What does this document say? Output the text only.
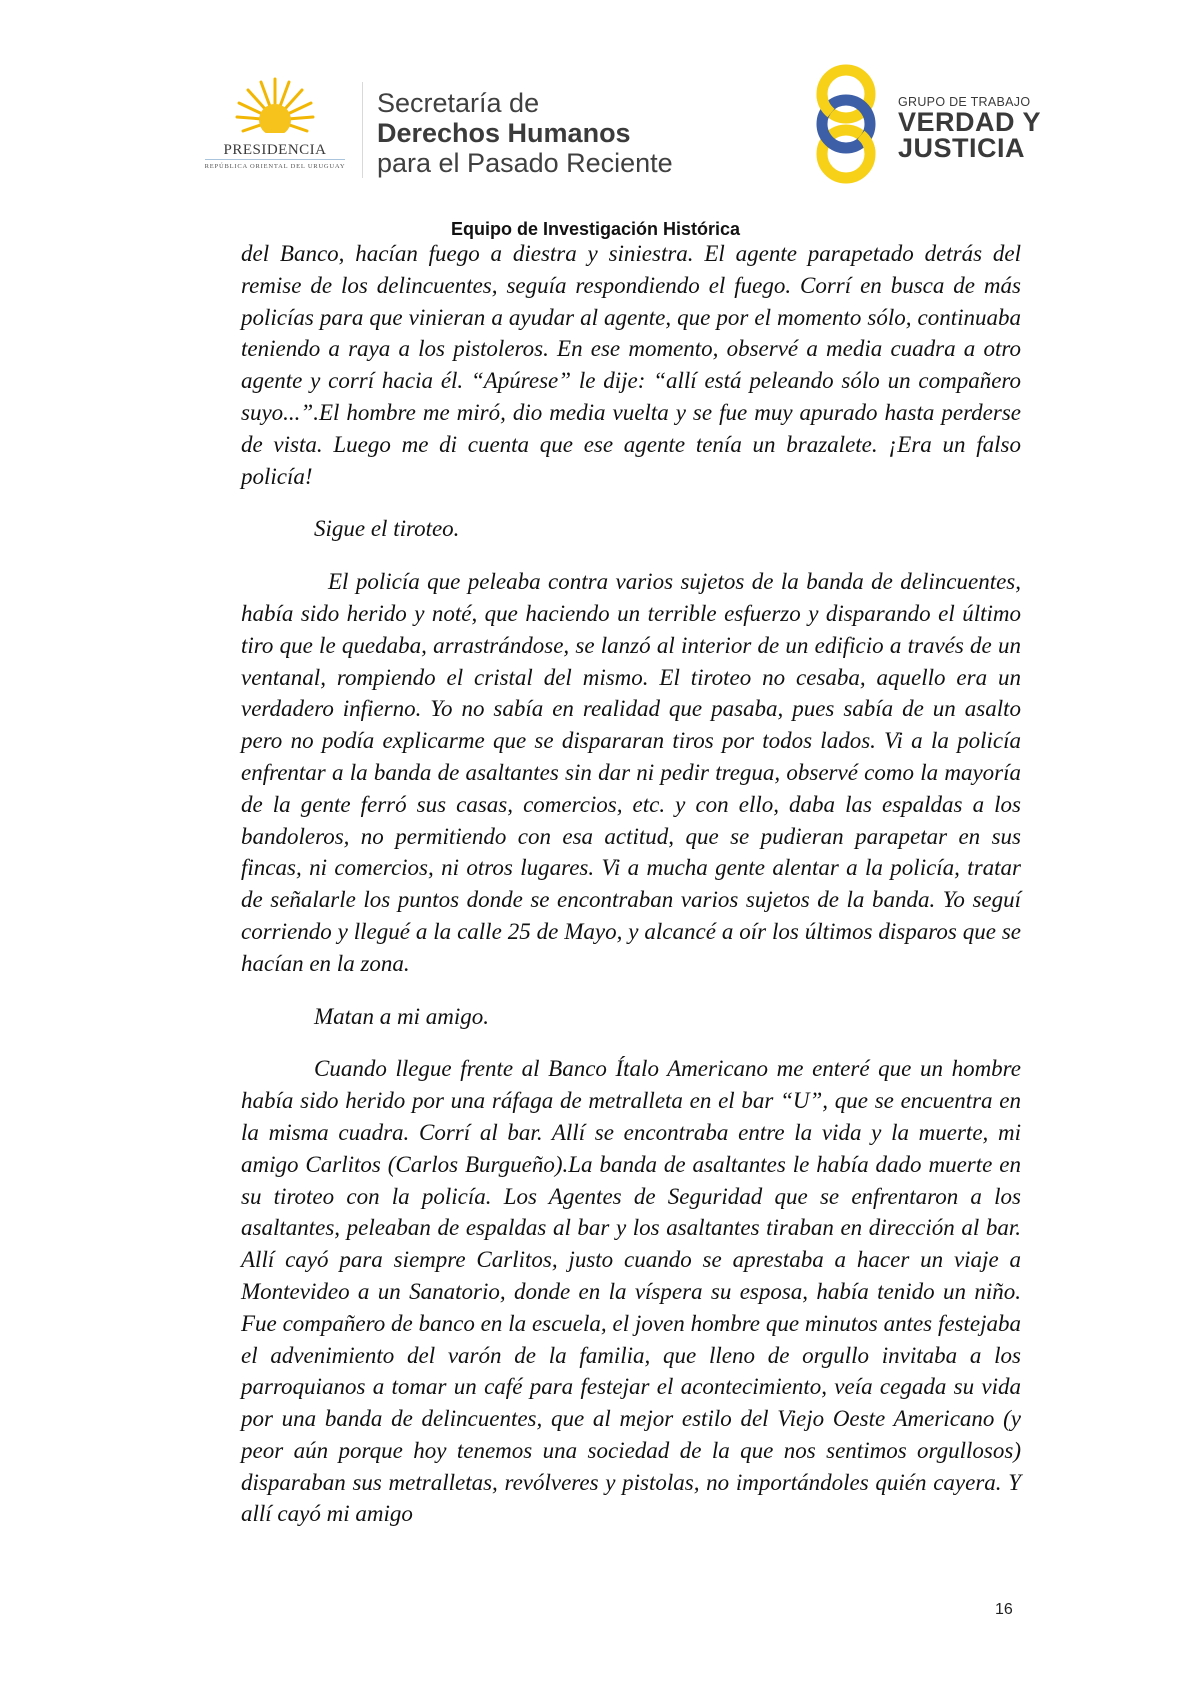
PRESIDENCIA
REPÚBLICA ORIENTAL DEL URUGUAY
Secretaría de
Derechos Humanos
para el Pasado Reciente
GRUPO DE TRABAJO
VERDAD Y
JUSTICIA
Equipo de Investigación Histórica

del Banco, hacían fuego a diestra y siniestra. El agente parapetado detrás del remise de los delincuentes, seguía respondiendo el fuego. Corrí en busca de más policías para que vinieran a ayudar al agente, que por el momento sólo, continuaba teniendo a raya a los pistoleros. En ese momento, observé a media cuadra a otro agente y corrí hacia él. “Apúrese” le dije: “allí está peleando sólo un compañero suyo...”.El hombre me miró, dio media vuelta y se fue muy apurado hasta perderse de vista. Luego me di cuenta que ese agente tenía un brazalete. ¡Era un falso policía!

Sigue el tiroteo.

El policía que peleaba contra varios sujetos de la banda de delincuentes, había sido herido y noté, que haciendo un terrible esfuerzo y disparando el último tiro que le quedaba, arrastrándose, se lanzó al interior de un edificio a través de un ventanal, rompiendo el cristal del mismo. El tiroteo no cesaba, aquello era un verdadero infierno. Yo no sabía en realidad que pasaba, pues sabía de un asalto pero no podía explicarme que se dispararan tiros por todos lados. Vi a la policía enfrentar a la banda de asaltantes sin dar ni pedir tregua, observé como la mayoría de la gente ferró sus casas, comercios, etc. y con ello, daba las espaldas a los bandoleros, no permitiendo con esa actitud, que se pudieran parapetar en sus fincas, ni comercios, ni otros lugares. Vi a mucha gente alentar a la policía, tratar de señalarle los puntos donde se encontraban varios sujetos de la banda. Yo seguí corriendo y llegué a la calle 25 de Mayo, y alcancé a oír los últimos disparos que se hacían en la zona.

Matan a mi amigo.

Cuando llegue frente al Banco Ítalo Americano me enteré que un hombre había sido herido por una ráfaga de metralleta en el bar “U”, que se encuentra en la misma cuadra. Corrí al bar. Allí se encontraba entre la vida y la muerte, mi amigo Carlitos (Carlos Burgueño).La banda de asaltantes le había dado muerte en su tiroteo con la policía. Los Agentes de Seguridad que se enfrentaron a los asaltantes, peleaban de espaldas al bar y los asaltantes tiraban en dirección al bar. Allí cayó para siempre Carlitos, justo cuando se aprestaba a hacer un viaje a Montevideo a un Sanatorio, donde en la víspera su esposa, había tenido un niño. Fue compañero de banco en la escuela, el joven hombre que minutos antes festejaba el advenimiento del varón de la familia, que lleno de orgullo invitaba a los parroquianos a tomar un café para festejar el acontecimiento, veía cegada su vida por una banda de delincuentes, que al mejor estilo del Viejo Oeste Americano (y peor aún porque hoy tenemos una sociedad de la que nos sentimos orgullosos) disparaban sus metralletas, revólveres y pistolas, no importándoles quién cayera. Y allí cayó mi amigo

16
